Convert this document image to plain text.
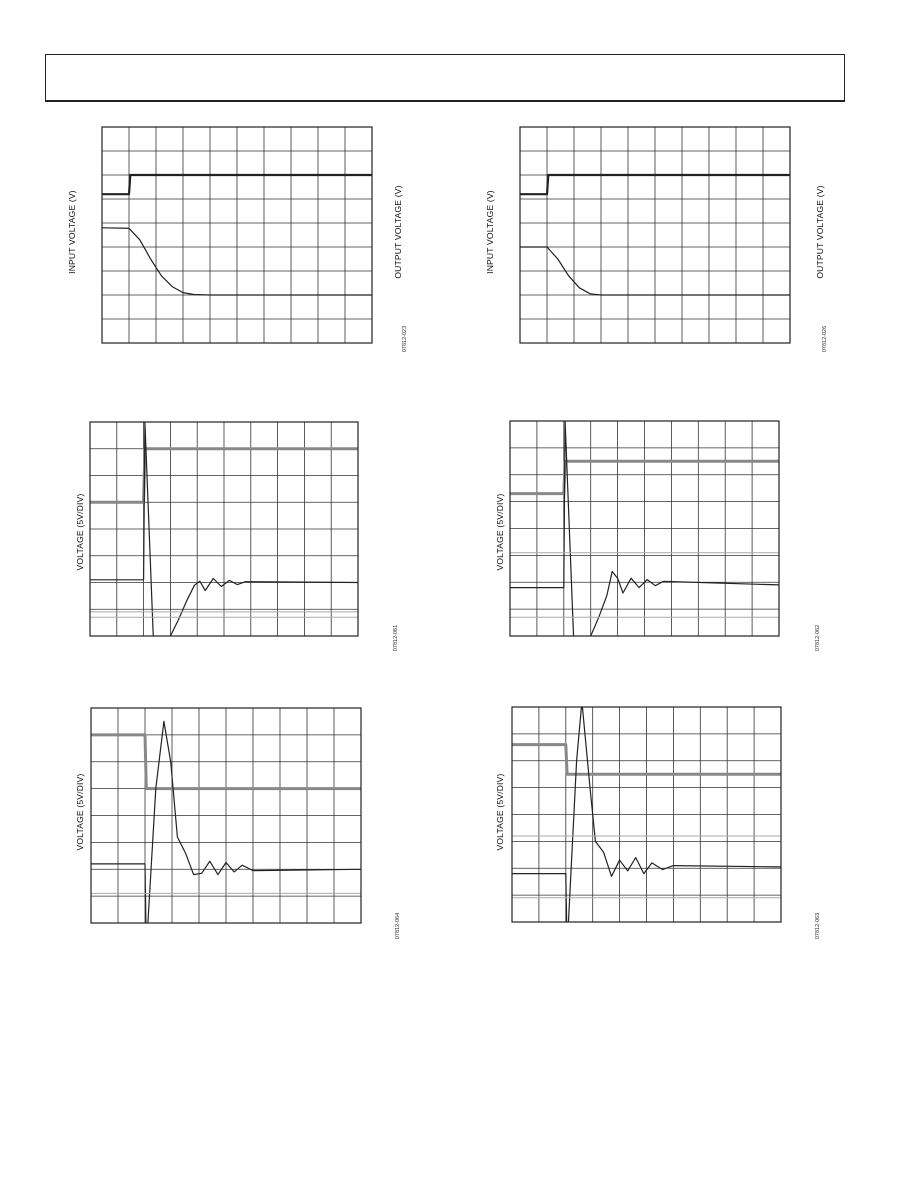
INPUT VOLTAGE (V)	OUTPUT VOLTAGE (V)
07812-023
INPUT VOLTAGE (V)	OUTPUT VOLTAGE (V)
07812-026
VOLTAGE (5V/DIV)
07812-061
VOLTAGE (5V/DIV)
07812-062
VOLTAGE (5V/DIV)
07812-064
VOLTAGE (5V/DIV)
07812-063
